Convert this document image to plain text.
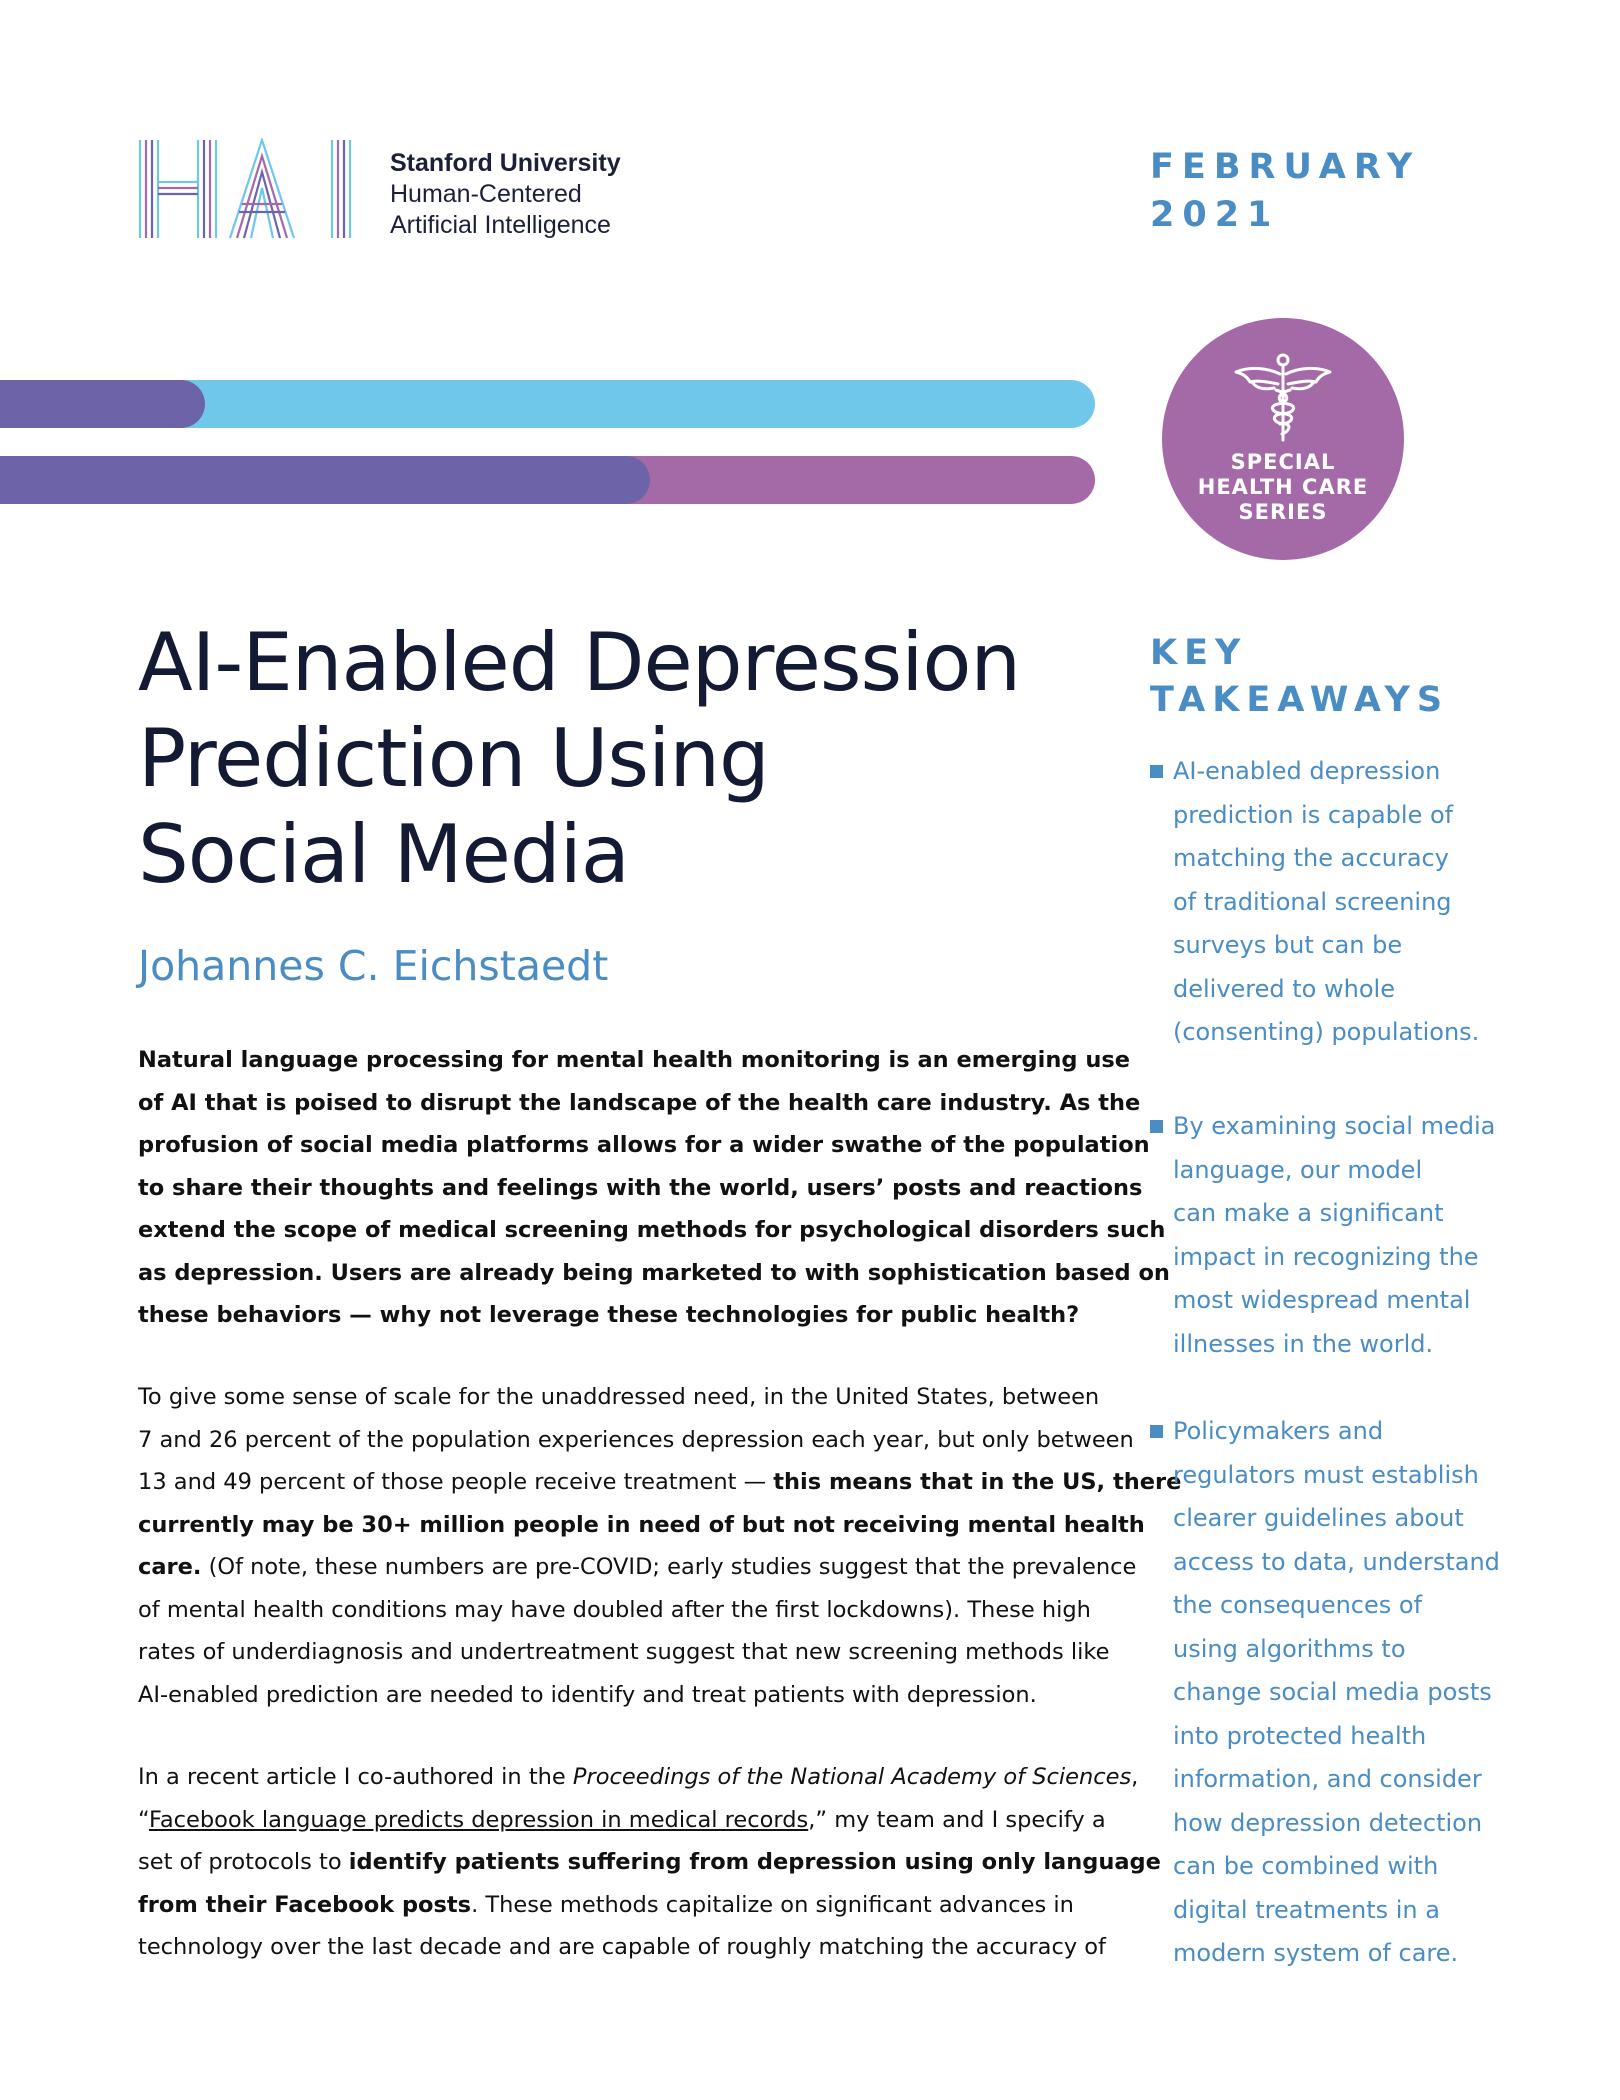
Stanford University
Human-Centered
Artificial Intelligence
FEBRUARY
2021
SPECIAL
HEALTH CARE
SERIES
AI-Enabled Depression
Prediction Using
Social Media
Johannes C. Eichstaedt
Natural language processing for mental health monitoring is an emerging use
of AI that is poised to disrupt the landscape of the health care industry. As the
profusion of social media platforms allows for a wider swathe of the population
to share their thoughts and feelings with the world, users’ posts and reactions
extend the scope of medical screening methods for psychological disorders such
as depression. Users are already being marketed to with sophistication based on
these behaviors — why not leverage these technologies for public health?
To give some sense of scale for the unaddressed need, in the United States, between
7 and 26 percent of the population experiences depression each year, but only between
13 and 49 percent of those people receive treatment — this means that in the US, there
currently may be 30+ million people in need of but not receiving mental health
care. (Of note, these numbers are pre-COVID; early studies suggest that the prevalence
of mental health conditions may have doubled after the first lockdowns). These high
rates of underdiagnosis and undertreatment suggest that new screening methods like
AI-enabled prediction are needed to identify and treat patients with depression.
In a recent article I co-authored in the Proceedings of the National Academy of Sciences,
“Facebook language predicts depression in medical records,” my team and I specify a
set of protocols to identify patients suffering from depression using only language
from their Facebook posts. These methods capitalize on significant advances in
technology over the last decade and are capable of roughly matching the accuracy of
KEY
TAKEAWAYS
AI-enabled depression
prediction is capable of
matching the accuracy
of traditional screening
surveys but can be
delivered to whole
(consenting) populations.
By examining social media
language, our model
can make a significant
impact in recognizing the
most widespread mental
illnesses in the world.
Policymakers and
regulators must establish
clearer guidelines about
access to data, understand
the consequences of
using algorithms to
change social media posts
into protected health
information, and consider
how depression detection
can be combined with
digital treatments in a
modern system of care.
